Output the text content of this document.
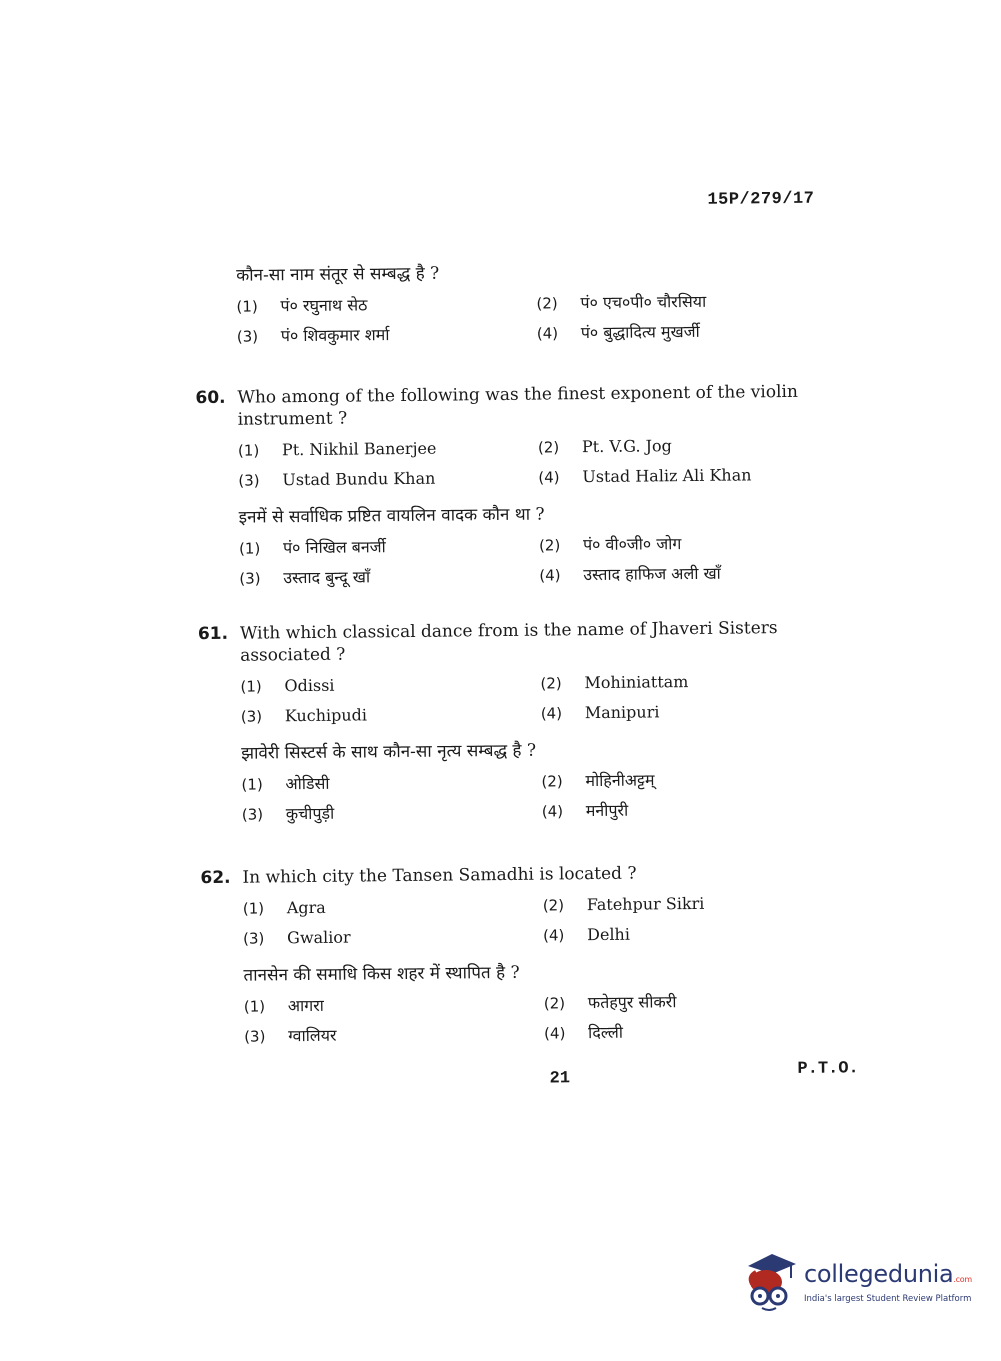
15P/279/17
कौन-सा नाम संतूर से सम्बद्ध है ?
(1) पं० रघुनाथ सेठ	(2) पं० एच०पी० चौरसिया
(3) पं० शिवकुमार शर्मा	(4) पं० बुद्धादित्य मुखर्जी
60. Who among of the following was the finest exponent of the violin
instrument ?
(1) Pt. Nikhil Banerjee	(2) Pt. V.G. Jog
(3) Ustad Bundu Khan	(4) Ustad Haliz Ali Khan
इनमें से सर्वाधिक प्रष्टित वायलिन वादक कौन था ?
(1) पं० निखिल बनर्जी	(2) पं० वी०जी० जोग
(3) उस्ताद बुन्दू खाँ	(4) उस्ताद हाफिज अली खाँ
61. With which classical dance from is the name of Jhaveri Sisters
associated ?
(1) Odissi	(2) Mohiniattam
(3) Kuchipudi	(4) Manipuri
झावेरी सिस्टर्स के साथ कौन-सा नृत्य सम्बद्ध है ?
(1) ओडिसी	(2) मोहिनीअट्टम्
(3) कुचीपुड़ी	(4) मनीपुरी
62. In which city the Tansen Samadhi is located ?
(1) Agra	(2) Fatehpur Sikri
(3) Gwalior	(4) Delhi
तानसेन की समाधि किस शहर में स्थापित है ?
(1) आगरा	(2) फतेहपुर सीकरी
(3) ग्वालियर	(4) दिल्ली
21	P.T.O.
collegedunia.com
India's largest Student Review Platform
